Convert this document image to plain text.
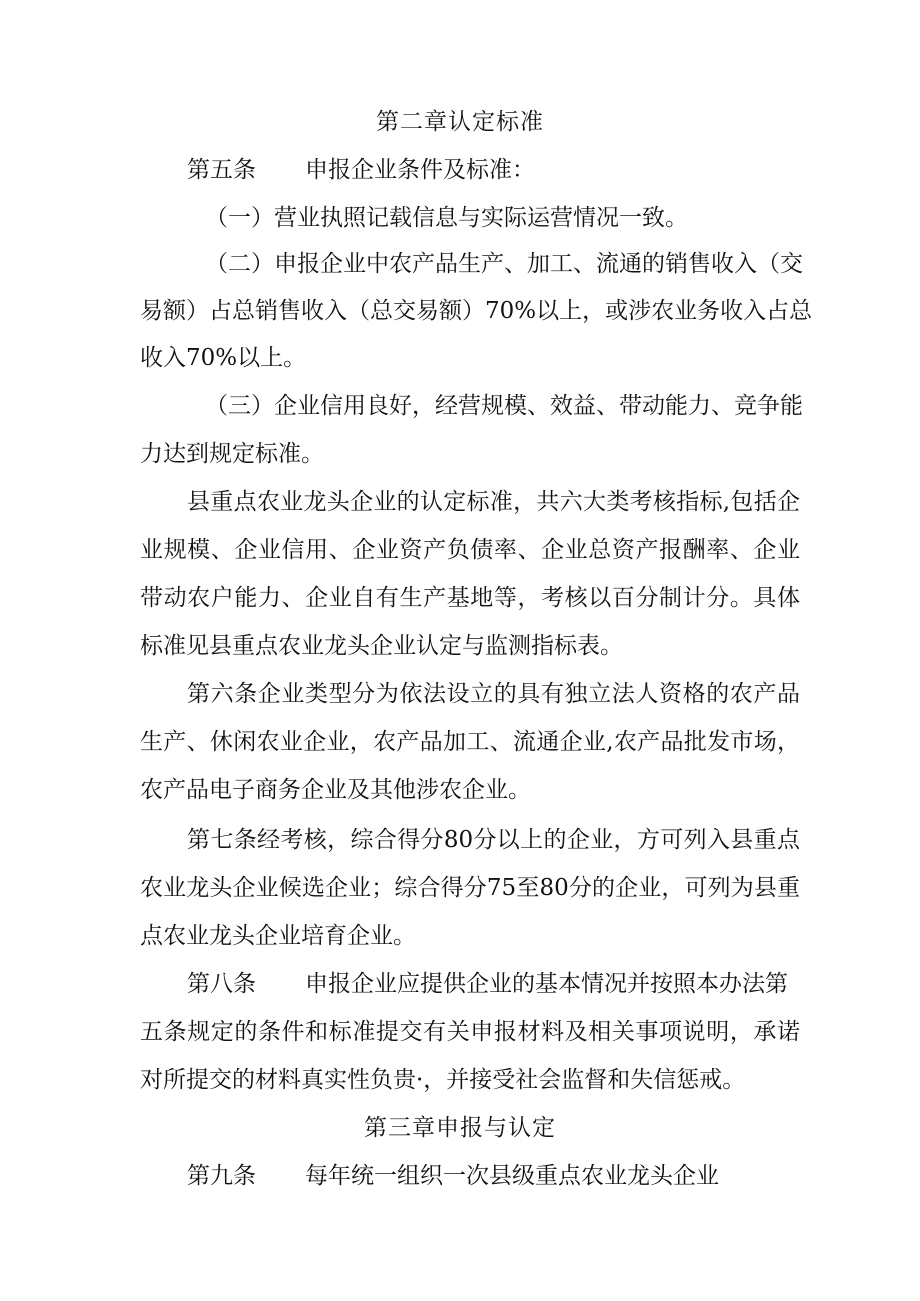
第二章认定标准
第五条 申报企业条件及标准：
（一）营业执照记载信息与实际运营情况一致。
（二）申报企业中农产品生产、加工、流通的销售收入（交
易额）占总销售收入（总交易额）70%以上，或涉农业务收入占总
收入70%以上。
（三）企业信用良好，经营规模、效益、带动能力、竞争能
力达到规定标准。
县重点农业龙头企业的认定标准，共六大类考核指标,包括企
业规模、企业信用、企业资产负债率、企业总资产报酬率、企业
带动农户能力、企业自有生产基地等，考核以百分制计分。具体
标准见县重点农业龙头企业认定与监测指标表。
第六条企业类型分为依法设立的具有独立法人资格的农产品
生产、休闲农业企业，农产品加工、流通企业,农产品批发市场，
农产品电子商务企业及其他涉农企业。
第七条经考核，综合得分80分以上的企业，方可列入县重点
农业龙头企业候选企业；综合得分75至80分的企业，可列为县重
点农业龙头企业培育企业。
第八条 申报企业应提供企业的基本情况并按照本办法第
五条规定的条件和标准提交有关申报材料及相关事项说明，承诺
对所提交的材料真实性负贵·，并接受社会监督和失信惩戒。
第三章申报与认定
第九条 每年统一组织一次县级重点农业龙头企业
